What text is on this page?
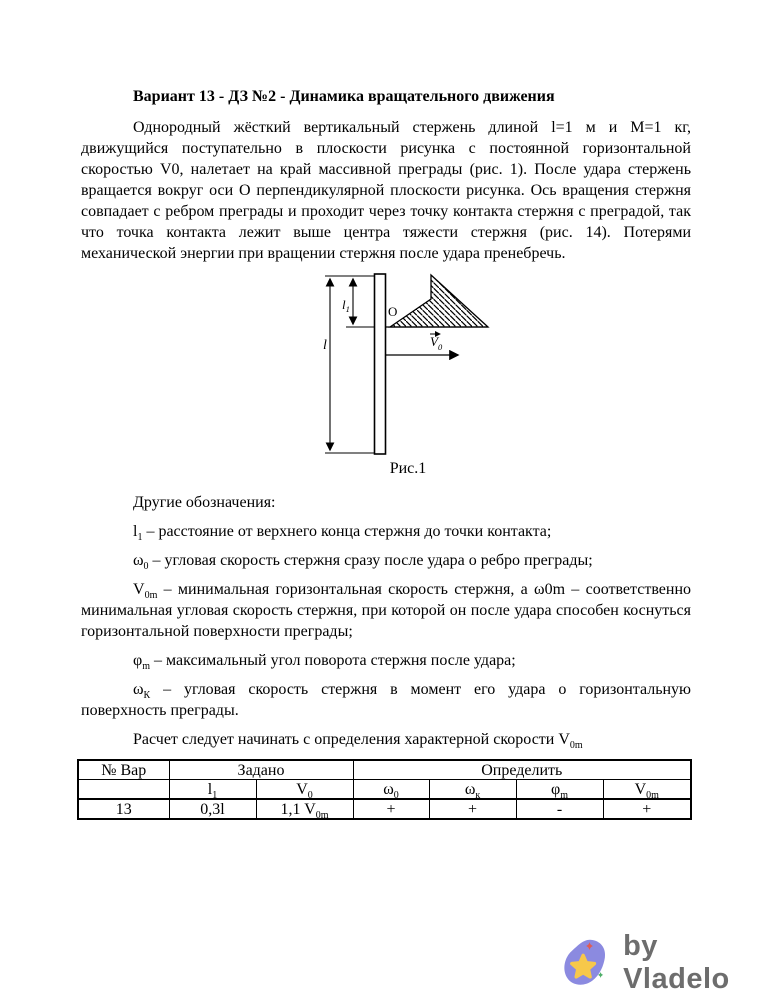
Вариант 13 - ДЗ №2 - Динамика вращательного движения

Однородный жёсткий вертикальный стержень длиной l=1 м и М=1 кг, движущийся поступательно в плоскости рисунка с постоянной горизонтальной скоростью V0, налетает на край массивной преграды (рис. 1). После удара стержень вращается вокруг оси О перпендикулярной плоскости рисунка. Ось вращения стержня совпадает с ребром преграды и проходит через точку контакта стержня с преградой, так что точка контакта лежит выше центра тяжести стержня (рис. 14). Потерями механической энергии при вращении стержня после удара пренебречь.

l
$l_1$	O
$V_0$
Рис.1

Другие обозначения:

$l_1$ – расстояние от верхнего конца стержня до точки контакта;

$\omega_0$ – угловая скорость стержня сразу после удара о ребро преграды;

$V_{0m}$ – минимальная горизонтальная скорость стержня, а ω0m – соответственно минимальная угловая скорость стержня, при которой он после удара способен коснуться горизонтальной поверхности преграды;

$\varphi_m$ – максимальный угол поворота стержня после удара;

$\omega_К$ – угловая скорость стержня в момент его удара о горизонтальную поверхность преграды.

Расчет следует начинать с определения характерной скорости $V_{0m}$

№ Вар	Задано		Определить			
	$l_1$	$V_0$	$\omega_0$	$\omega_к$	$\varphi_m$	$V_{0m}$
13	0,3l	1,1 $V_{0m}$	+	+	-	+
by Vladelo
